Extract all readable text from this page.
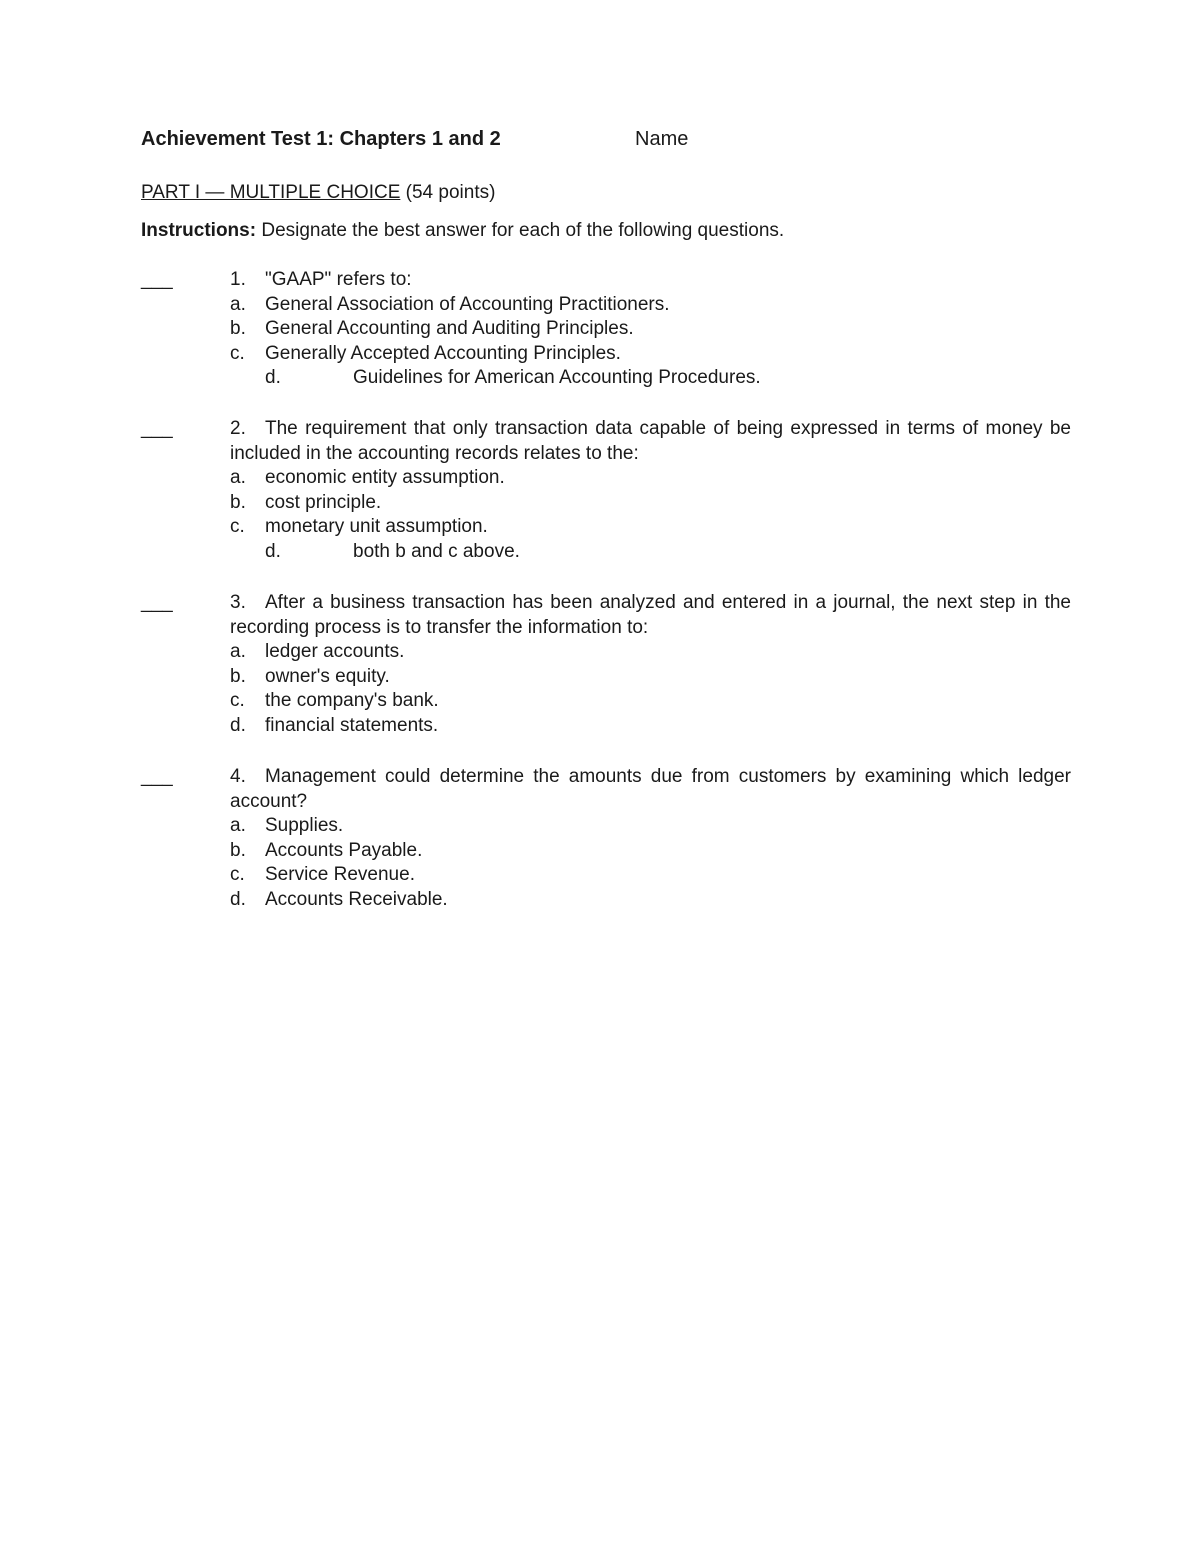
Achievement Test 1: Chapters 1 and 2	Name
PART I — MULTIPLE CHOICE (54 points)
Instructions: Designate the best answer for each of the following questions.
___	1. "GAAP" refers to:
a.	General Association of Accounting Practitioners.
b.	General Accounting and Auditing Principles.
c.	Generally Accepted Accounting Principles.
d.	Guidelines for American Accounting Procedures.
___	2. The requirement that only transaction data capable of being expressed in terms of money be included in the accounting records relates to the:
a.	economic entity assumption.
b.	cost principle.
c.	monetary unit assumption.
d.	both b and c above.
___	3. After a business transaction has been analyzed and entered in a journal, the next step in the recording process is to transfer the information to:
a.	ledger accounts.
b.	owner's equity.
c.	the company's bank.
d.	financial statements.
___	4. Management could determine the amounts due from customers by examining which ledger account?
a.	Supplies.
b.	Accounts Payable.
c.	Service Revenue.
d.	Accounts Receivable.
